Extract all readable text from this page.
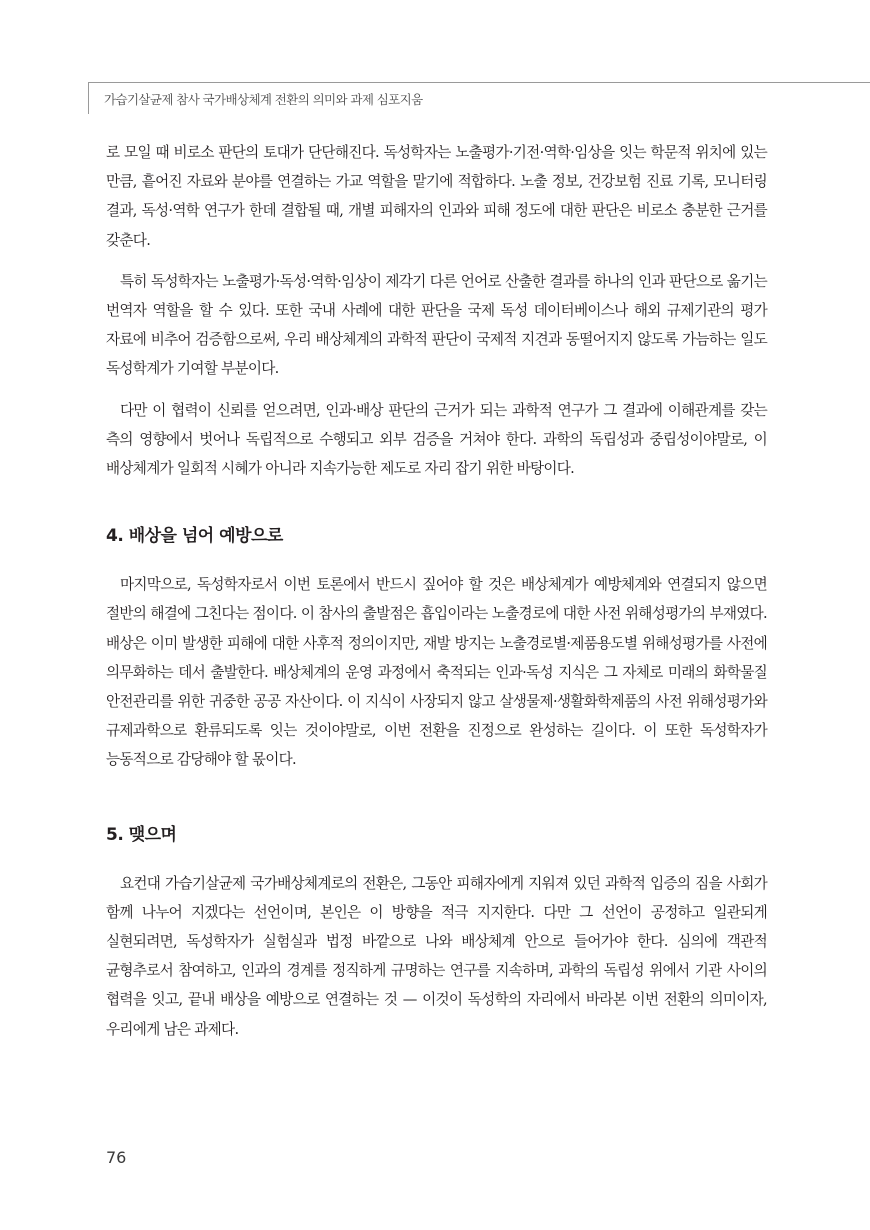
가습기살균제 참사 국가배상체계 전환의 의미와 과제 심포지움

로 모일 때 비로소 판단의 토대가 단단해진다. 독성학자는 노출평가·기전·역학·임상을 잇는 학문적 위치에 있는 만큼, 흩어진 자료와 분야를 연결하는 가교 역할을 맡기에 적합하다. 노출 정보, 건강보험 진료 기록, 모니터링 결과, 독성·역학 연구가 한데 결합될 때, 개별 피해자의 인과와 피해 정도에 대한 판단은 비로소 충분한 근거를 갖춘다.

특히 독성학자는 노출평가·독성·역학·임상이 제각기 다른 언어로 산출한 결과를 하나의 인과 판단으로 옮기는 번역자 역할을 할 수 있다. 또한 국내 사례에 대한 판단을 국제 독성 데이터베이스나 해외 규제기관의 평가 자료에 비추어 검증함으로써, 우리 배상체계의 과학적 판단이 국제적 지견과 동떨어지지 않도록 가늠하는 일도 독성학계가 기여할 부분이다.

다만 이 협력이 신뢰를 얻으려면, 인과·배상 판단의 근거가 되는 과학적 연구가 그 결과에 이해관계를 갖는 측의 영향에서 벗어나 독립적으로 수행되고 외부 검증을 거쳐야 한다. 과학의 독립성과 중립성이야말로, 이 배상체계가 일회적 시혜가 아니라 지속가능한 제도로 자리 잡기 위한 바탕이다.

4. 배상을 넘어 예방으로

마지막으로, 독성학자로서 이번 토론에서 반드시 짚어야 할 것은 배상체계가 예방체계와 연결되지 않으면 절반의 해결에 그친다는 점이다. 이 참사의 출발점은 흡입이라는 노출경로에 대한 사전 위해성평가의 부재였다. 배상은 이미 발생한 피해에 대한 사후적 정의이지만, 재발 방지는 노출경로별·제품용도별 위해성평가를 사전에 의무화하는 데서 출발한다. 배상체계의 운영 과정에서 축적되는 인과·독성 지식은 그 자체로 미래의 화학물질 안전관리를 위한 귀중한 공공 자산이다. 이 지식이 사장되지 않고 살생물제·생활화학제품의 사전 위해성평가와 규제과학으로 환류되도록 잇는 것이야말로, 이번 전환을 진정으로 완성하는 길이다. 이 또한 독성학자가 능동적으로 감당해야 할 몫이다.

5. 맺으며

요컨대 가습기살균제 국가배상체계로의 전환은, 그동안 피해자에게 지워져 있던 과학적 입증의 짐을 사회가 함께 나누어 지겠다는 선언이며, 본인은 이 방향을 적극 지지한다. 다만 그 선언이 공정하고 일관되게 실현되려면, 독성학자가 실험실과 법정 바깥으로 나와 배상체계 안으로 들어가야 한다. 심의에 객관적 균형추로서 참여하고, 인과의 경계를 정직하게 규명하는 연구를 지속하며, 과학의 독립성 위에서 기관 사이의 협력을 잇고, 끝내 배상을 예방으로 연결하는 것 — 이것이 독성학의 자리에서 바라본 이번 전환의 의미이자, 우리에게 남은 과제다.

76
